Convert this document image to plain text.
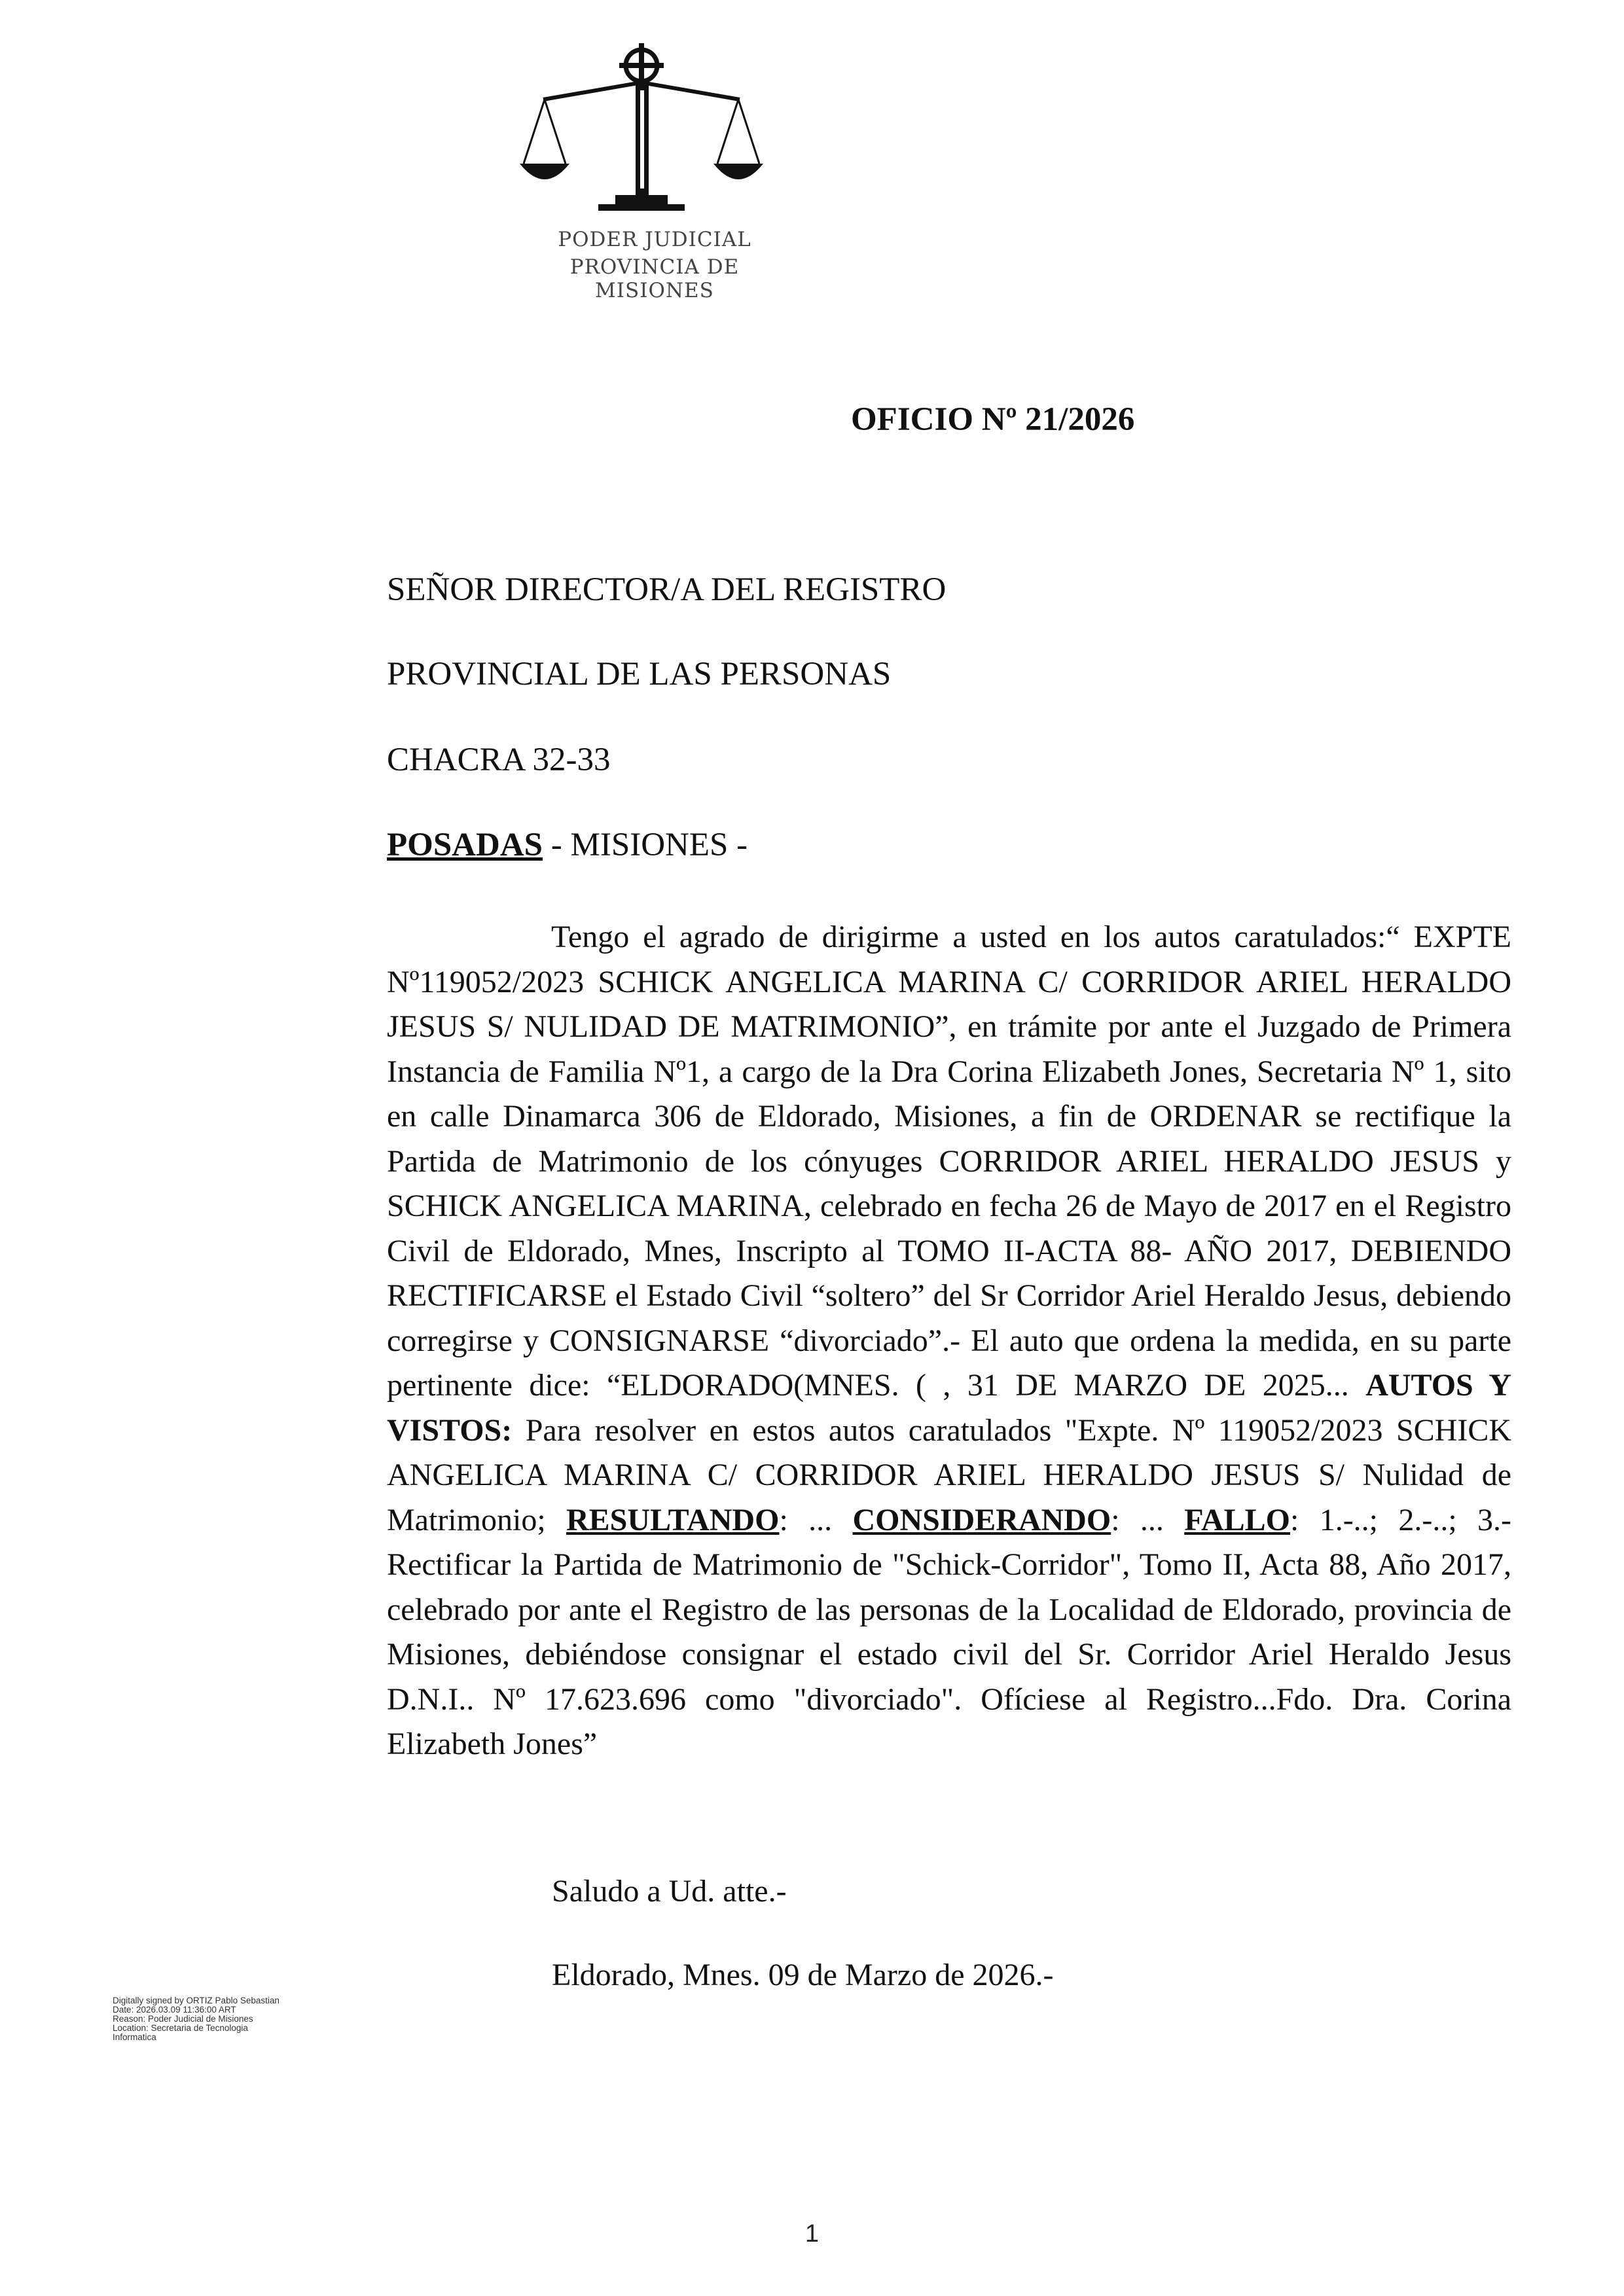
PODER JUDICIAL
PROVINCIA DE MISIONES
OFICIO Nº 21/2026
SEÑOR DIRECTOR/A DEL REGISTRO
PROVINCIAL DE LAS PERSONAS
CHACRA 32-33
POSADAS - MISIONES -
Tengo el agrado de dirigirme a usted en los autos caratulados:“ EXPTE Nº119052/2023 SCHICK ANGELICA MARINA C/ CORRIDOR ARIEL HERALDO JESUS S/ NULIDAD DE MATRIMONIO”, en trámite por ante el Juzgado de Primera Instancia de Familia Nº1, a cargo de la Dra Corina Elizabeth Jones, Secretaria Nº 1, sito en calle Dinamarca 306 de Eldorado, Misiones, a fin de ORDENAR se rectifique la Partida de Matrimonio de los cónyuges CORRIDOR ARIEL HERALDO JESUS y SCHICK ANGELICA MARINA, celebrado en fecha 26 de Mayo de 2017 en el Registro Civil de Eldorado, Mnes, Inscripto al TOMO II-ACTA 88- AÑO 2017, DEBIENDO RECTIFICARSE el Estado Civil “soltero” del Sr Corridor Ariel Heraldo Jesus, debiendo corregirse y CONSIGNARSE “divorciado”.- El auto que ordena la medida, en su parte pertinente dice: “ELDORADO(MNES. ( , 31 DE MARZO DE 2025... AUTOS Y VISTOS: Para resolver en estos autos caratulados "Expte. Nº 119052/2023 SCHICK ANGELICA MARINA C/ CORRIDOR ARIEL HERALDO JESUS S/ Nulidad de Matrimonio; RESULTANDO: ... CONSIDERANDO: ... FALLO: 1.-..; 2.-..; 3.- Rectificar la Partida de Matrimonio de "Schick-Corridor", Tomo II, Acta 88, Año 2017, celebrado por ante el Registro de las personas de la Localidad de Eldorado, provincia de Misiones, debiéndose consignar el estado civil del Sr. Corridor Ariel Heraldo Jesus D.N.I.. Nº 17.623.696 como "divorciado". Ofíciese al Registro...Fdo. Dra. Corina Elizabeth Jones”
Saludo a Ud. atte.-
Eldorado, Mnes. 09 de Marzo de 2026.-
Digitally signed by ORTIZ Pablo Sebastian
Date: 2026.03.09 11:36:00 ART
Reason: Poder Judicial de Misiones
Location: Secretaria de Tecnologia
Informatica
1
